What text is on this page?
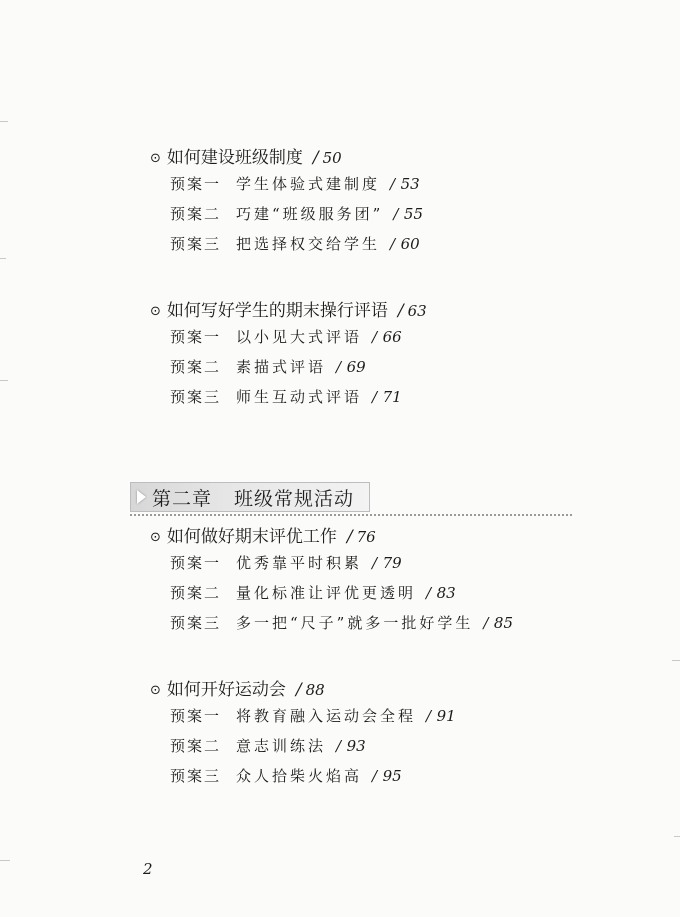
⊙ 如何建设班级制度 / 50
预案一 学生体验式建制度 / 53
预案二 巧建“班级服务团” / 55
预案三 把选择权交给学生 / 60
⊙ 如何写好学生的期末操行评语 / 63
预案一 以小见大式评语 / 66
预案二 素描式评语 / 69
预案三 师生互动式评语 / 71
第二章 班级常规活动
⊙ 如何做好期末评优工作 / 76
预案一 优秀靠平时积累 / 79
预案二 量化标准让评优更透明 / 83
预案三 多一把“尺子”就多一批好学生 / 85
⊙ 如何开好运动会 / 88
预案一 将教育融入运动会全程 / 91
预案二 意志训练法 / 93
预案三 众人拾柴火焰高 / 95
2
